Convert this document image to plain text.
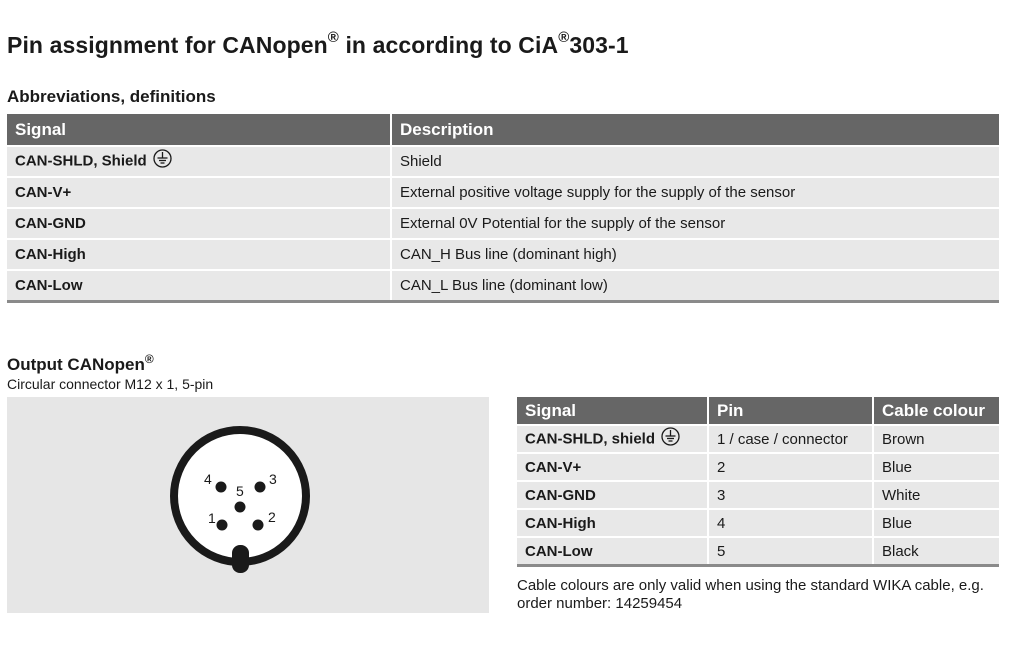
Pin assignment for CANopen® in according to CiA®303-1
Abbreviations, definitions
Signal	Description
CAN-SHLD, Shield	Shield
CAN-V+	External positive voltage supply for the supply of the sensor
CAN-GND	External 0V Potential for the supply of the sensor
CAN-High	CAN_H Bus line (dominant high)
CAN-Low	CAN_L Bus line (dominant low)
Output CANopen®
Circular connector M12 x 1, 5-pin
1	2
3
4
5
Signal	Pin	Cable colour
CAN-SHLD, shield	1 / case / connector	Brown
CAN-V+	2	Blue
CAN-GND	3	White
CAN-High	4	Blue
CAN-Low	5	Black
Cable colours are only valid when using the standard WIKA cable, e.g. order number: 14259454
